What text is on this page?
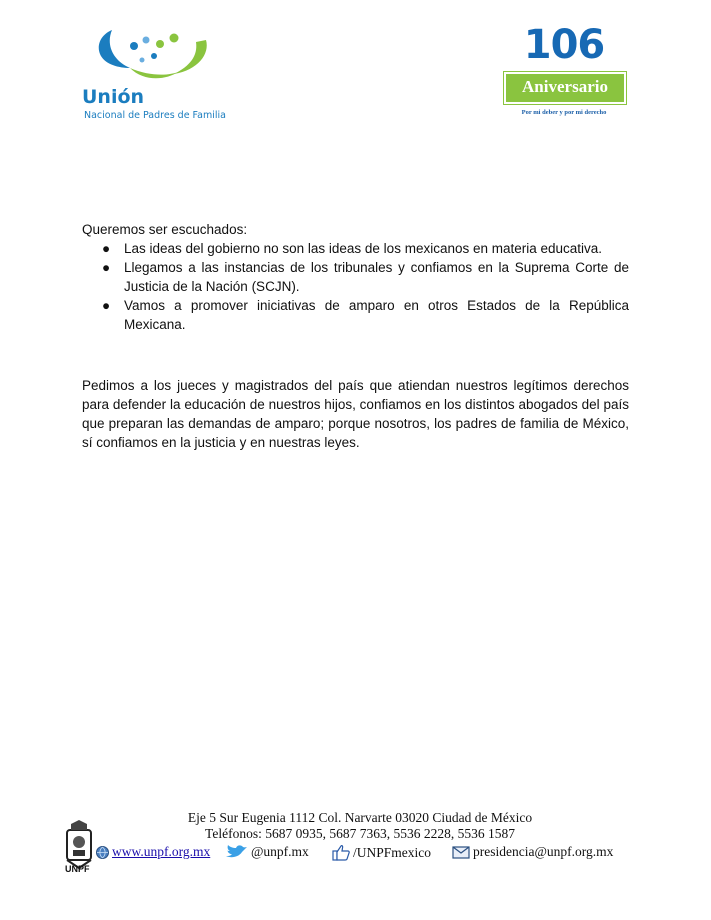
Unión
Nacional de Padres de Familia
106
Aniversario
Por mi deber y por mi derecho

Queremos ser escuchados:

● Las ideas del gobierno no son las ideas de los mexicanos en materia educativa.
● Llegamos a las instancias de los tribunales y confiamos en la Suprema Corte de Justicia de la Nación (SCJN).
● Vamos a promover iniciativas de amparo en otros Estados de la República Mexicana.

Pedimos a los jueces y magistrados del país que atiendan nuestros legítimos derechos para defender la educación de nuestros hijos, confiamos en los distintos abogados del país que preparan las demandas de amparo; porque nosotros, los padres de familia de México, sí confiamos en la justicia y en nuestras leyes.

UNPF
Eje 5 Sur Eugenia 1112 Col. Narvarte 03020 Ciudad de México
Teléfonos: 5687 0935, 5687 7363, 5536 2228, 5536 1587
www.unpf.org.mx	@unpf.mx	/UNPFmexico	presidencia@unpf.org.mx
